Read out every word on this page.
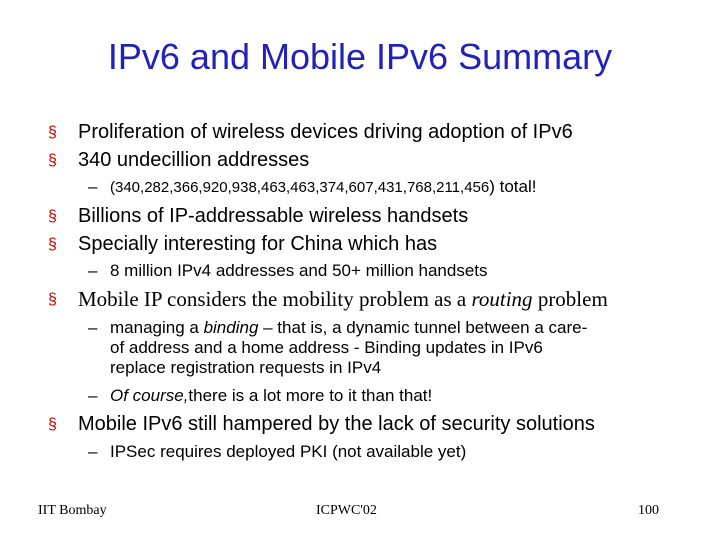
IPv6 and Mobile IPv6 Summary
§ Proliferation of wireless devices driving adoption of IPv6
§ 340 undecillion addresses
– (340,282,366,920,938,463,463,374,607,431,768,211,456) total!
§ Billions of IP-addressable wireless handsets
§ Specially interesting for China which has
– 8 million IPv4 addresses and 50+ million handsets
§ Mobile IP considers the mobility problem as a routing problem
– managing a binding – that is, a dynamic tunnel between a care-
of address and a home address - Binding updates in IPv6
replace registration requests in IPv4
– Of course,there is a lot more to it than that!
§ Mobile IPv6 still hampered by the lack of security solutions
– IPSec requires deployed PKI (not available yet)
IIT Bombay	ICPWC'02	100
